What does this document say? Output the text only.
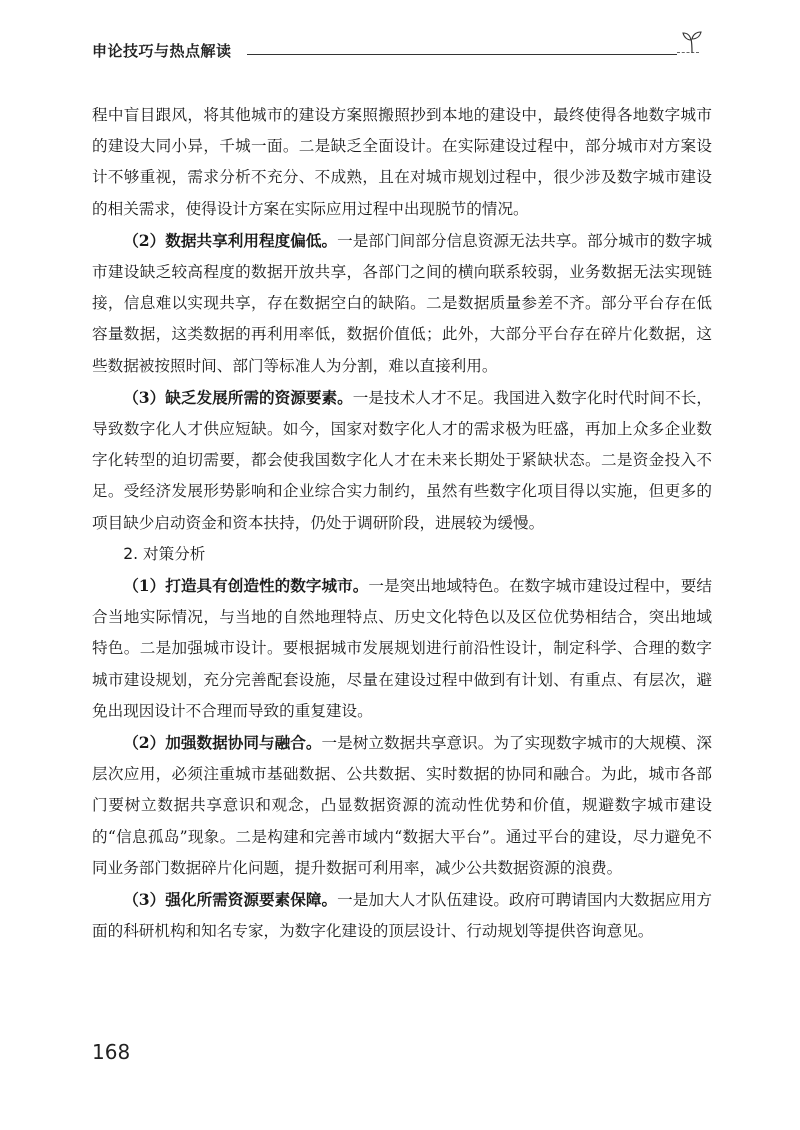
申论技巧与热点解读

程中盲目跟风，将其他城市的建设方案照搬照抄到本地的建设中，最终使得各地数字城市的建设大同小异，千城一面。二是缺乏全面设计。在实际建设过程中，部分城市对方案设计不够重视，需求分析不充分、不成熟，且在对城市规划过程中，很少涉及数字城市建设的相关需求，使得设计方案在实际应用过程中出现脱节的情况。

（2）数据共享利用程度偏低。一是部门间部分信息资源无法共享。部分城市的数字城市建设缺乏较高程度的数据开放共享，各部门之间的横向联系较弱，业务数据无法实现链接，信息难以实现共享，存在数据空白的缺陷。二是数据质量参差不齐。部分平台存在低容量数据，这类数据的再利用率低，数据价值低；此外，大部分平台存在碎片化数据，这些数据被按照时间、部门等标准人为分割，难以直接利用。

（3）缺乏发展所需的资源要素。一是技术人才不足。我国进入数字化时代时间不长，导致数字化人才供应短缺。如今，国家对数字化人才的需求极为旺盛，再加上众多企业数字化转型的迫切需要，都会使我国数字化人才在未来长期处于紧缺状态。二是资金投入不足。受经济发展形势影响和企业综合实力制约，虽然有些数字化项目得以实施，但更多的项目缺少启动资金和资本扶持，仍处于调研阶段，进展较为缓慢。

2. 对策分析

（1）打造具有创造性的数字城市。一是突出地域特色。在数字城市建设过程中，要结合当地实际情况，与当地的自然地理特点、历史文化特色以及区位优势相结合，突出地域特色。二是加强城市设计。要根据城市发展规划进行前沿性设计，制定科学、合理的数字城市建设规划，充分完善配套设施，尽量在建设过程中做到有计划、有重点、有层次，避免出现因设计不合理而导致的重复建设。

（2）加强数据协同与融合。一是树立数据共享意识。为了实现数字城市的大规模、深层次应用，必须注重城市基础数据、公共数据、实时数据的协同和融合。为此，城市各部门要树立数据共享意识和观念，凸显数据资源的流动性优势和价值，规避数字城市建设的“信息孤岛”现象。二是构建和完善市域内“数据大平台”。通过平台的建设，尽力避免不同业务部门数据碎片化问题，提升数据可利用率，减少公共数据资源的浪费。

（3）强化所需资源要素保障。一是加大人才队伍建设。政府可聘请国内大数据应用方面的科研机构和知名专家，为数字化建设的顶层设计、行动规划等提供咨询意见。

168
